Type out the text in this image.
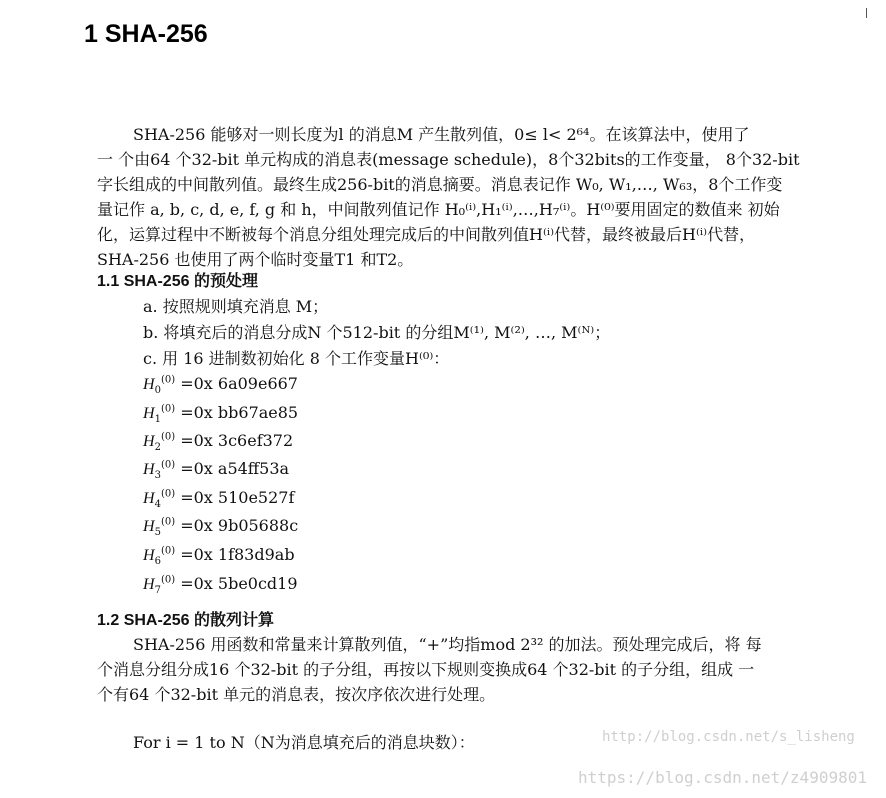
1 SHA-256
SHA-256 能够对一则长度为l 的消息M 产生散列值，0≤ l< 2⁶⁴。在该算法中，使用了
一 个由64 个32-bit 单元构成的消息表(message schedule)，8个32bits的工作变量， 8个32-bit
字长组成的中间散列值。最终生成256-bit的消息摘要。消息表记作 W₀, W₁,…, W₆₃，8个工作变
量记作 a, b, c, d, e, f, g 和 h，中间散列值记作 H₀⁽ⁱ⁾,H₁⁽ⁱ⁾,…,H₇⁽ⁱ⁾。H⁽⁰⁾要用固定的数值来 初始
化，运算过程中不断被每个消息分组处理完成后的中间散列值H⁽ⁱ⁾代替，最终被最后H⁽ⁱ⁾代替，
SHA-256 也使用了两个临时变量T1 和T2。
1.1 SHA-256 的预处理
a. 按照规则填充消息 M；
b. 将填充后的消息分成N 个512-bit 的分组M⁽¹⁾, M⁽²⁾, …, M⁽ᴺ⁾；
c. 用 16 进制数初始化 8 个工作变量H⁽⁰⁾：
$H_0^{(0)} =0x$ 6a09e667
$H_1^{(0)} =0x$ bb67ae85
$H_2^{(0)} =0x$ 3c6ef372
$H_3^{(0)} =0x$ a54ff53a
$H_4^{(0)} =0x$ 510e527f
$H_5^{(0)} =0x$ 9b05688c
$H_6^{(0)} =0x$ 1f83d9ab
$H_7^{(0)} =0x$ 5be0cd19
1.2 SHA-256 的散列计算
SHA-256 用函数和常量来计算散列值，“+”均指mod 2³² 的加法。预处理完成后，将 每
个消息分组分成16 个32-bit 的子分组，再按以下规则变换成64 个32-bit 的子分组，组成 一
个有64 个32-bit 单元的消息表，按次序依次进行处理。
For i = 1 to N（N为消息填充后的消息块数）：	http://blog.csdn.net/s_lisheng
https://blog.csdn.net/z4909801
